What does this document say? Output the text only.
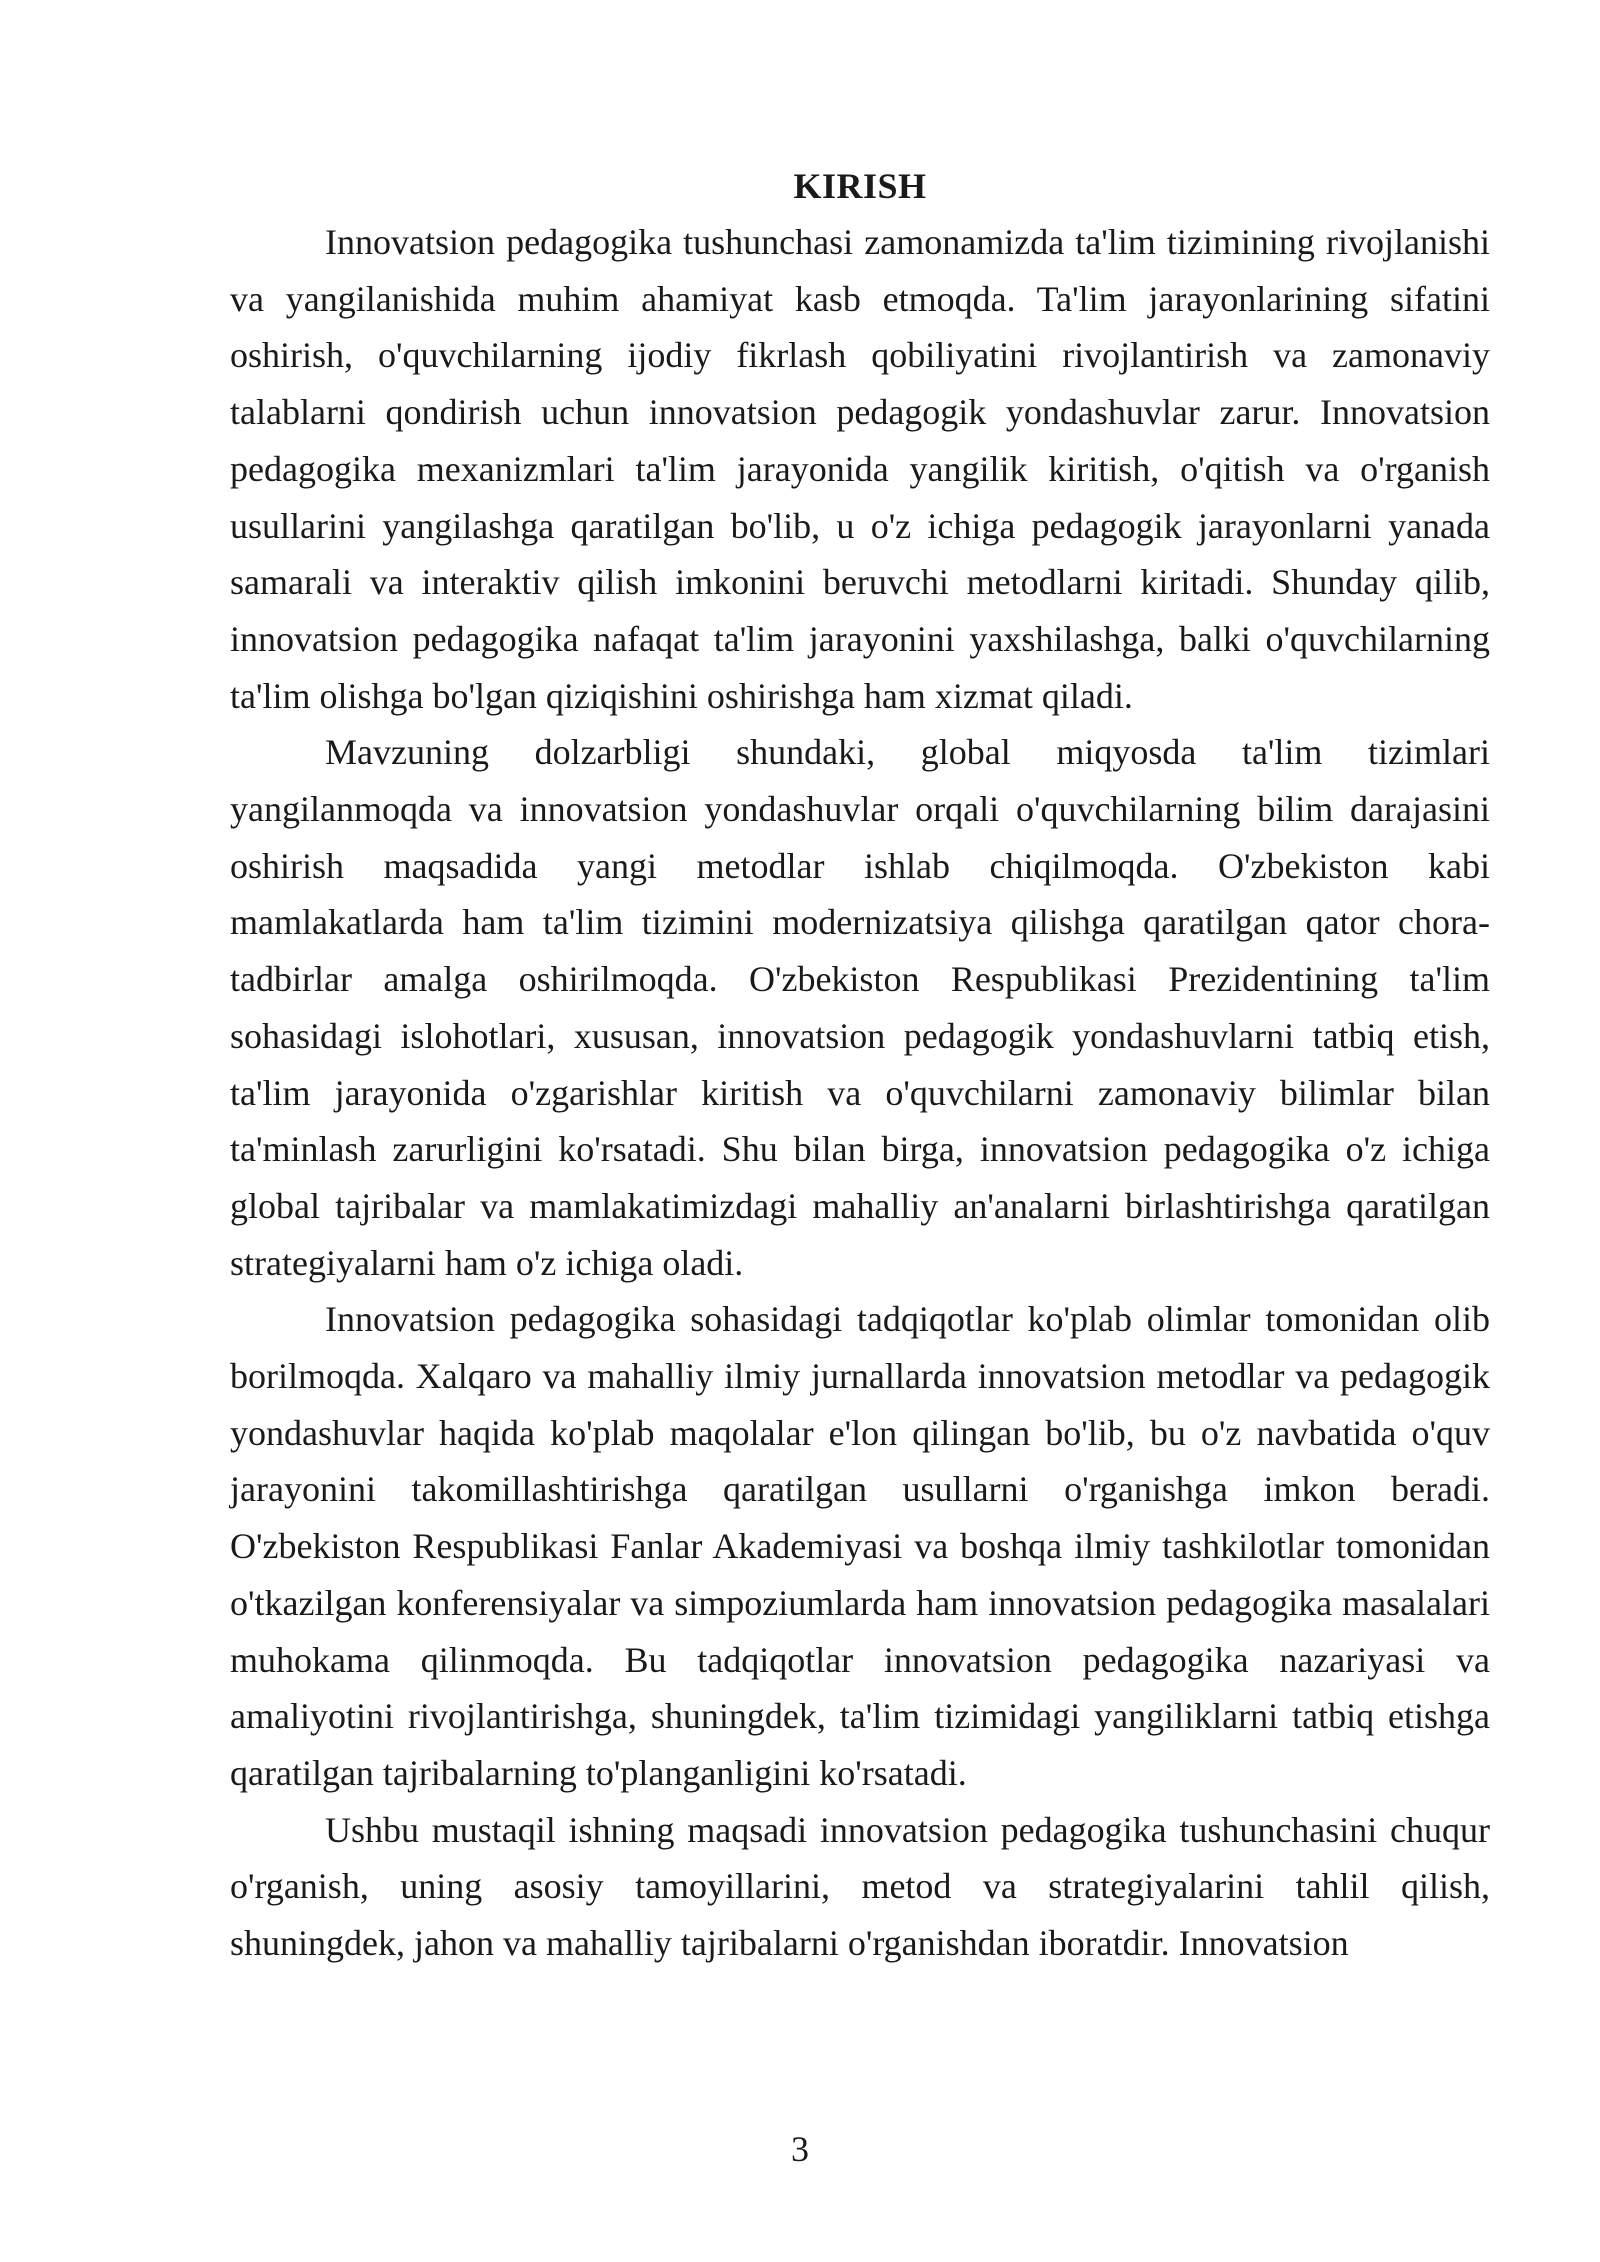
KIRISH

Innovatsion pedagogika tushunchasi zamonamizda ta'lim tizimining rivojlanishi va yangilanishida muhim ahamiyat kasb etmoqda. Ta'lim jarayonlarining sifatini oshirish, o'quvchilarning ijodiy fikrlash qobiliyatini rivojlantirish va zamonaviy talablarni qondirish uchun innovatsion pedagogik yondashuvlar zarur. Innovatsion pedagogika mexanizmlari ta'lim jarayonida yangilik kiritish, o'qitish va o'rganish usullarini yangilashga qaratilgan bo'lib, u o'z ichiga pedagogik jarayonlarni yanada samarali va interaktiv qilish imkonini beruvchi metodlarni kiritadi. Shunday qilib, innovatsion pedagogika nafaqat ta'lim jarayonini yaxshilashga, balki o'quvchilarning ta'lim olishga bo'lgan qiziqishini oshirishga ham xizmat qiladi.

Mavzuning dolzarbligi shundaki, global miqyosda ta'lim tizimlari yangilanmoqda va innovatsion yondashuvlar orqali o'quvchilarning bilim darajasini oshirish maqsadida yangi metodlar ishlab chiqilmoqda. O'zbekiston kabi mamlakatlarda ham ta'lim tizimini modernizatsiya qilishga qaratilgan qator chora-tadbirlar amalga oshirilmoqda. O'zbekiston Respublikasi Prezidentining ta'lim sohasidagi islohotlari, xususan, innovatsion pedagogik yondashuvlarni tatbiq etish, ta'lim jarayonida o'zgarishlar kiritish va o'quvchilarni zamonaviy bilimlar bilan ta'minlash zarurligini ko'rsatadi. Shu bilan birga, innovatsion pedagogika o'z ichiga global tajribalar va mamlakatimizdagi mahalliy an'analarni birlashtirishga qaratilgan strategiyalarni ham o'z ichiga oladi.

Innovatsion pedagogika sohasidagi tadqiqotlar ko'plab olimlar tomonidan olib borilmoqda. Xalqaro va mahalliy ilmiy jurnallarda innovatsion metodlar va pedagogik yondashuvlar haqida ko'plab maqolalar e'lon qilingan bo'lib, bu o'z navbatida o'quv jarayonini takomillashtirishga qaratilgan usullarni o'rganishga imkon beradi. O'zbekiston Respublikasi Fanlar Akademiyasi va boshqa ilmiy tashkilotlar tomonidan o'tkazilgan konferensiyalar va simpoziumlarda ham innovatsion pedagogika masalalari muhokama qilinmoqda. Bu tadqiqotlar innovatsion pedagogika nazariyasi va amaliyotini rivojlantirishga, shuningdek, ta'lim tizimidagi yangiliklarni tatbiq etishga qaratilgan tajribalarning to'planganligini ko'rsatadi.

Ushbu mustaqil ishning maqsadi innovatsion pedagogika tushunchasini chuqur o'rganish, uning asosiy tamoyillarini, metod va strategiyalarini tahlil qilish, shuningdek, jahon va mahalliy tajribalarni o'rganishdan iboratdir. Innovatsion

3
